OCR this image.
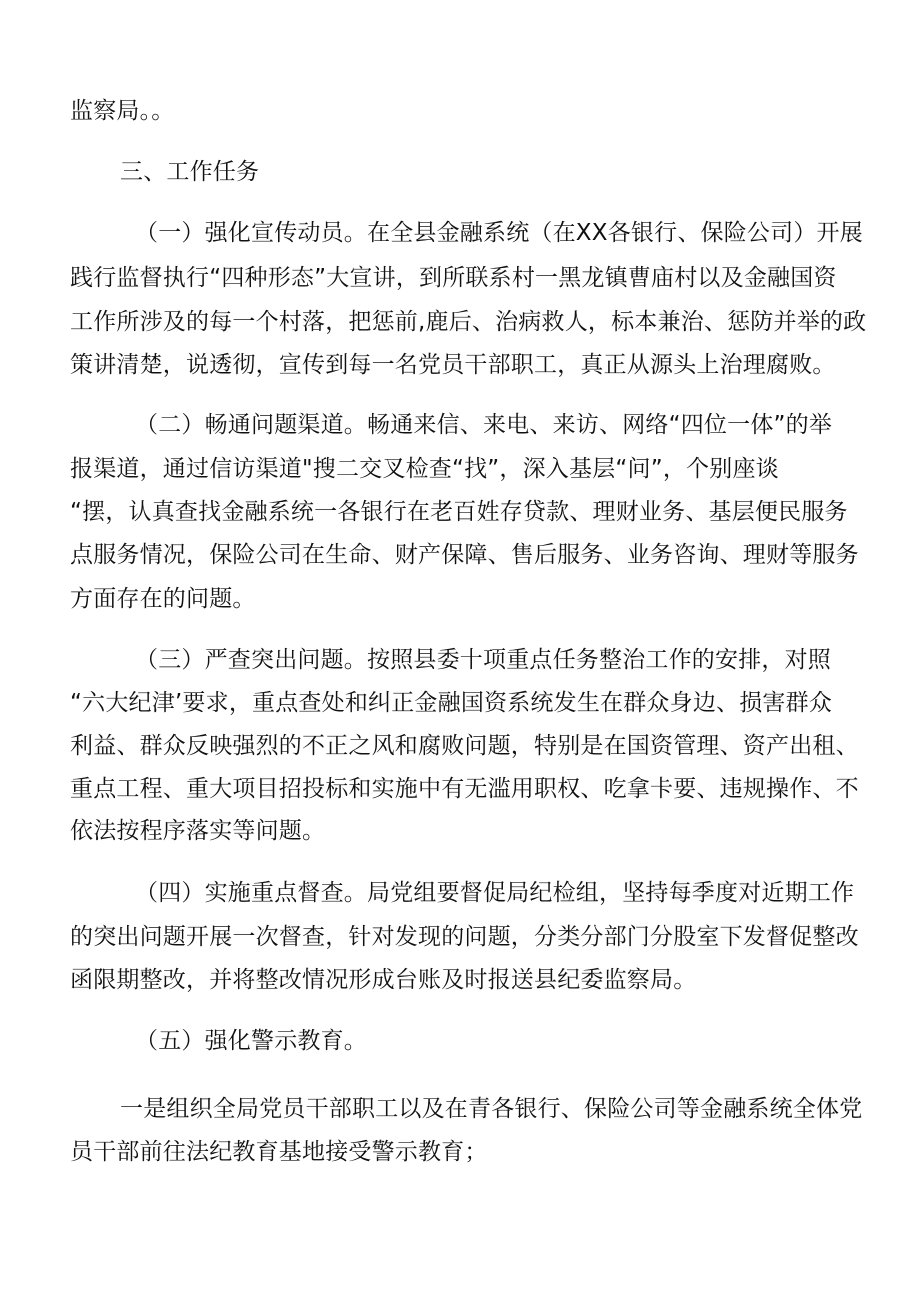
监察局。。
三、工作任务
（一）强化宣传动员。在全县金融系统（在XX各银行、保险公司）开展
践行监督执行“四种形态”大宣讲，到所联系村一黑龙镇曹庙村以及金融国资
工作所涉及的每一个村落，把惩前,鹿后、治病救人，标本兼治、惩防并举的政
策讲清楚，说透彻，宣传到每一名党员干部职工，真正从源头上治理腐败。
（二）畅通问题渠道。畅通来信、来电、来访、网络“四位一体”的举
报渠道，通过信访渠道"搜二交叉检查“找”，深入基层“问”，个别座谈
“摆，认真查找金融系统一各银行在老百姓存贷款、理财业务、基层便民服务
点服务情况，保险公司在生命、财产保障、售后服务、业务咨询、理财等服务
方面存在的问题。
（三）严查突出问题。按照县委十项重点任务整治工作的安排，对照
“六大纪津’要求，重点查处和纠正金融国资系统发生在群众身边、损害群众
利益、群众反映强烈的不正之风和腐败问题，特别是在国资管理、资产出租、
重点工程、重大项目招投标和实施中有无滥用职权、吃拿卡要、违规操作、不
依法按程序落实等问题。
（四）实施重点督查。局党组要督促局纪检组，坚持每季度对近期工作
的突出问题开展一次督查，针对发现的问题，分类分部门分股室下发督促整改
函限期整改，并将整改情况形成台账及时报送县纪委监察局。
（五）强化警示教育。
一是组织全局党员干部职工以及在青各银行、保险公司等金融系统全体党
员干部前往法纪教育基地接受警示教育；
